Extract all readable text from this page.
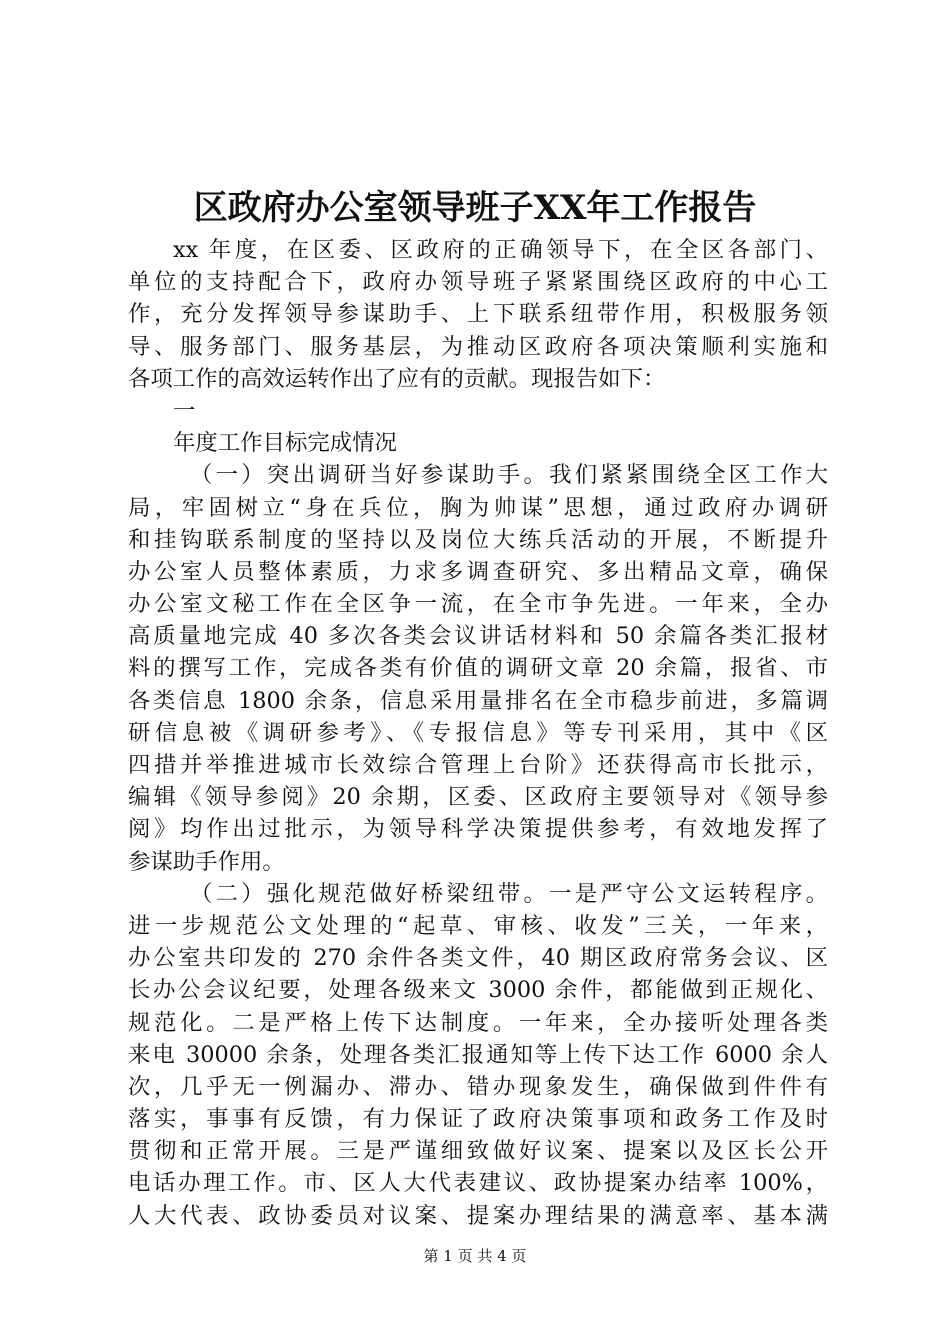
区政府办公室领导班子XX年工作报告
xx 年度，在区委、区政府的正确领导下，在全区各部门、
单位的支持配合下，政府办领导班子紧紧围绕区政府的中心工
作，充分发挥领导参谋助手、上下联系纽带作用，积极服务领
导、服务部门、服务基层，为推动区政府各项决策顺利实施和
各项工作的高效运转作出了应有的贡献。现报告如下：
一
年度工作目标完成情况
（一）突出调研当好参谋助手。我们紧紧围绕全区工作大
局，牢固树立“身在兵位，胸为帅谋”思想，通过政府办调研
和挂钩联系制度的坚持以及岗位大练兵活动的开展，不断提升
办公室人员整体素质，力求多调查研究、多出精品文章，确保
办公室文秘工作在全区争一流，在全市争先进。一年来，全办
高质量地完成 40 多次各类会议讲话材料和 50 余篇各类汇报材
料的撰写工作，完成各类有价值的调研文章 20 余篇，报省、市
各类信息 1800 余条，信息采用量排名在全市稳步前进，多篇调
研信息被《调研参考》、《专报信息》等专刊采用，其中《区
四措并举推进城市长效综合管理上台阶》还获得高市长批示，
编辑《领导参阅》20 余期，区委、区政府主要领导对《领导参
阅》均作出过批示，为领导科学决策提供参考，有效地发挥了
参谋助手作用。
（二）强化规范做好桥梁纽带。一是严守公文运转程序。
进一步规范公文处理的“起草、审核、收发”三关，一年来，
办公室共印发的 270 余件各类文件，40 期区政府常务会议、区
长办公会议纪要，处理各级来文 3000 余件，都能做到正规化、
规范化。二是严格上传下达制度。一年来，全办接听处理各类
来电 30000 余条，处理各类汇报通知等上传下达工作 6000 余人
次，几乎无一例漏办、滞办、错办现象发生，确保做到件件有
落实，事事有反馈，有力保证了政府决策事项和政务工作及时
贯彻和正常开展。三是严谨细致做好议案、提案以及区长公开
电话办理工作。市、区人大代表建议、政协提案办结率 100%，
人大代表、政协委员对议案、提案办理结果的满意率、基本满
第 1 页 共 4 页
